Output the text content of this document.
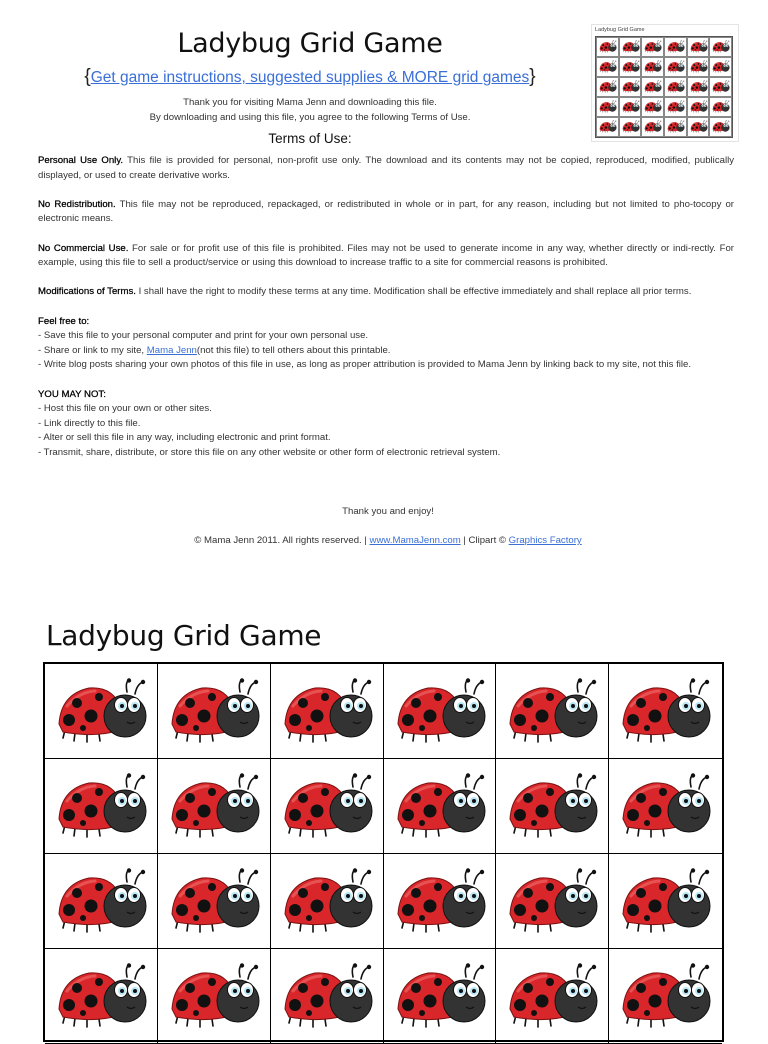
Ladybug Grid Game
{Get game instructions, suggested supplies & MORE grid games}
Thank you for visiting Mama Jenn and downloading this file.
By downloading and using this file, you agree to the following Terms of Use.
Terms of Use:
Ladybug Grid Game

Personal Use Only. This file is provided for personal, non-profit use only. The download and its contents may not be copied, reproduced, modified, publically displayed, or used to create derivative works.

No Redistribution. This file may not be reproduced, repackaged, or redistributed in whole or in part, for any reason, including but not limited to pho-tocopy or electronic means.

No Commercial Use. For sale or for profit use of this file is prohibited. Files may not be used to generate income in any way, whether directly or indi-rectly. For example, using this file to sell a product/service or using this download to increase traffic to a site for commercial reasons is prohibited.

Modifications of Terms. I shall have the right to modify these terms at any time. Modification shall be effective immediately and shall replace all prior terms.

Feel free to:
- Save this file to your personal computer and print for your own personal use.
- Share or link to my site, Mama Jenn(not this file) to tell others about this printable.
- Write blog posts sharing your own photos of this file in use, as long as proper attribution is provided to Mama Jenn by linking back to my site, not this file.

YOU MAY NOT:
- Host this file on your own or other sites.
- Link directly to this file.
- Alter or sell this file in any way, including electronic and print format.
- Transmit, share, distribute, or store this file on any other website or other form of electronic retrieval system.

Thank you and enjoy!
© Mama Jenn 2011. All rights reserved. | www.MamaJenn.com | Clipart © Graphics Factory
Ladybug Grid Game
